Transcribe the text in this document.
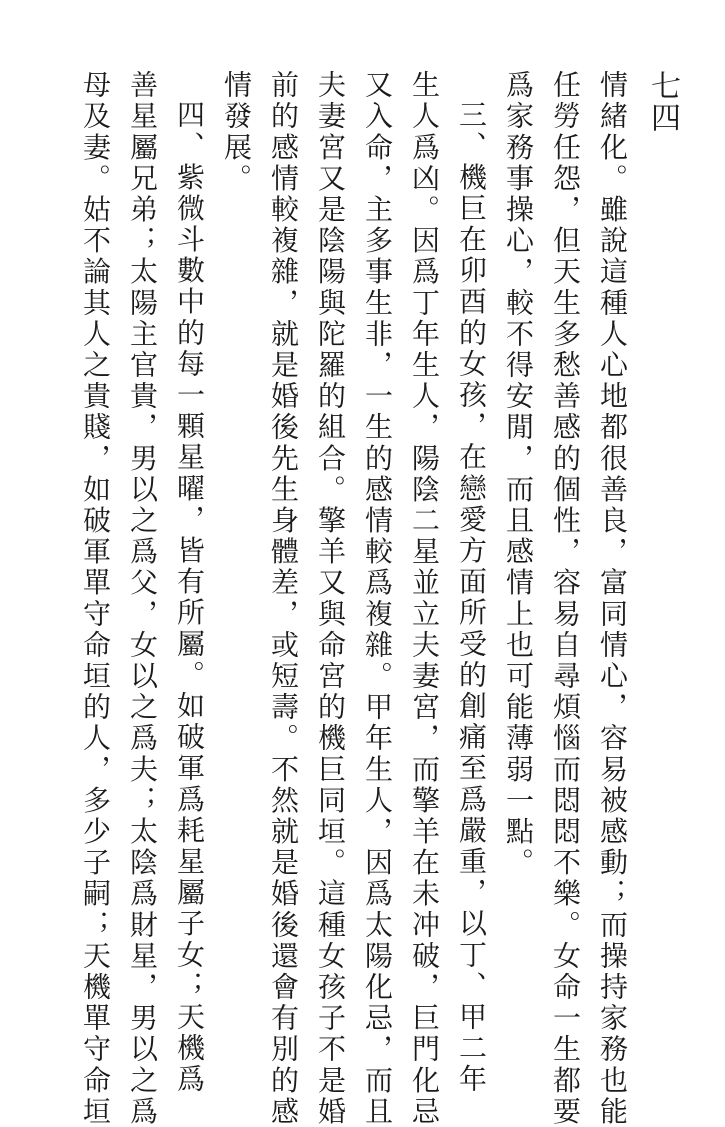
七四
情緒化。雖說這種人心地都很善良，富同情心，容易被感動；而操持家務也能
任勞任怨，但天生多愁善感的個性，容易自尋煩惱而悶悶不樂。女命一生都要
爲家務事操心，較不得安閒，而且感情上也可能薄弱一點。
三、機巨在卯酉的女孩，在戀愛方面所受的創痛至爲嚴重，以丁、甲二年
生人爲凶。因爲丁年生人，陽陰二星並立夫妻宮，而擎羊在未冲破，巨門化忌
又入命，主多事生非，一生的感情較爲複雜。甲年生人，因爲太陽化忌，而且
夫妻宮又是陰陽與陀羅的組合。擎羊又與命宮的機巨同垣。這種女孩子不是婚
前的感情較複雜，就是婚後先生身體差，或短壽。不然就是婚後還會有別的感
情發展。
四、紫微斗數中的每一顆星曜，皆有所屬。如破軍爲耗星屬子女；天機爲
善星屬兄弟；太陽主官貴，男以之爲父，女以之爲夫；太陰爲財星，男以之爲
母及妻。姑不論其人之貴賤，如破軍單守命垣的人，多少子嗣；天機單守命垣
